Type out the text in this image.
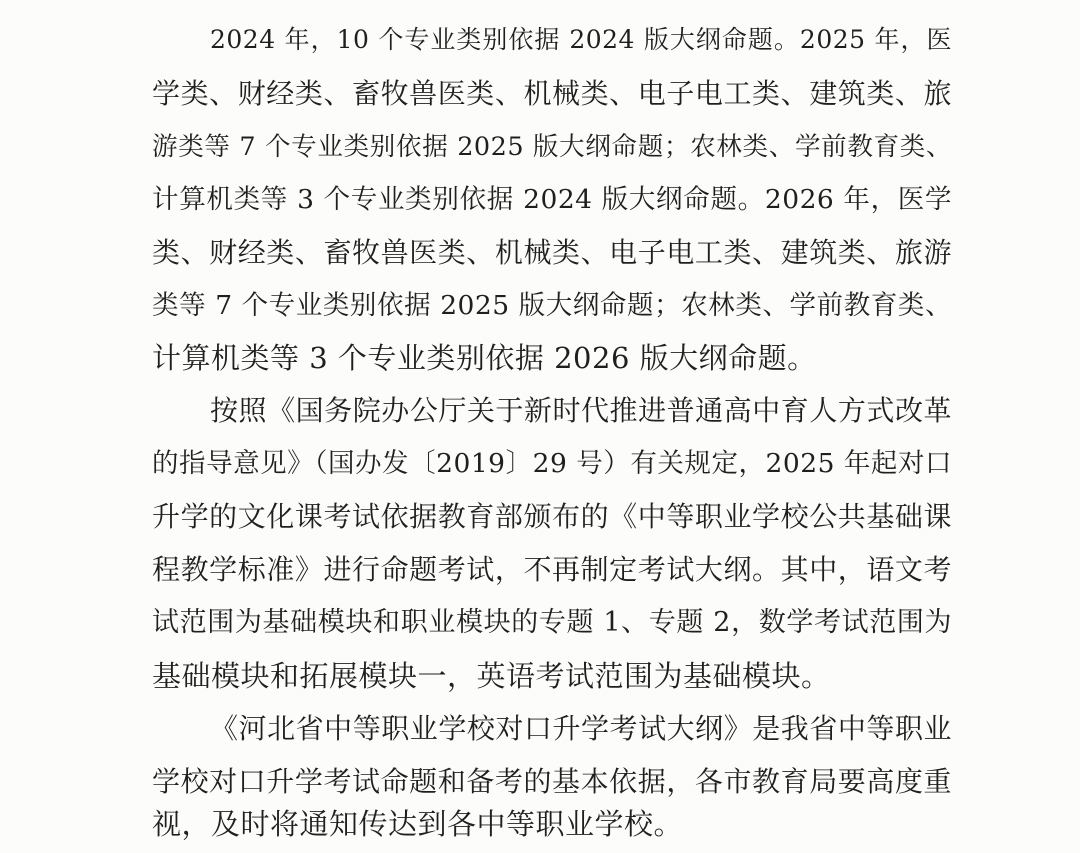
2024 年，10 个专业类别依据 2024 版大纲命题。2025 年，医
学类、财经类、畜牧兽医类、机械类、电子电工类、建筑类、旅
游类等 7 个专业类别依据 2025 版大纲命题；农林类、学前教育类、
计算机类等 3 个专业类别依据 2024 版大纲命题。2026 年，医学
类、财经类、畜牧兽医类、机械类、电子电工类、建筑类、旅游
类等 7 个专业类别依据 2025 版大纲命题；农林类、学前教育类、
计算机类等 3 个专业类别依据 2026 版大纲命题。
按照《国务院办公厅关于新时代推进普通高中育人方式改革
的指导意见》（国办发〔2019〕29 号）有关规定，2025 年起对口
升学的文化课考试依据教育部颁布的《中等职业学校公共基础课
程教学标准》进行命题考试，不再制定考试大纲。其中，语文考
试范围为基础模块和职业模块的专题 1、专题 2，数学考试范围为
基础模块和拓展模块一，英语考试范围为基础模块。
《河北省中等职业学校对口升学考试大纲》是我省中等职业
学校对口升学考试命题和备考的基本依据，各市教育局要高度重
视，及时将通知传达到各中等职业学校。
